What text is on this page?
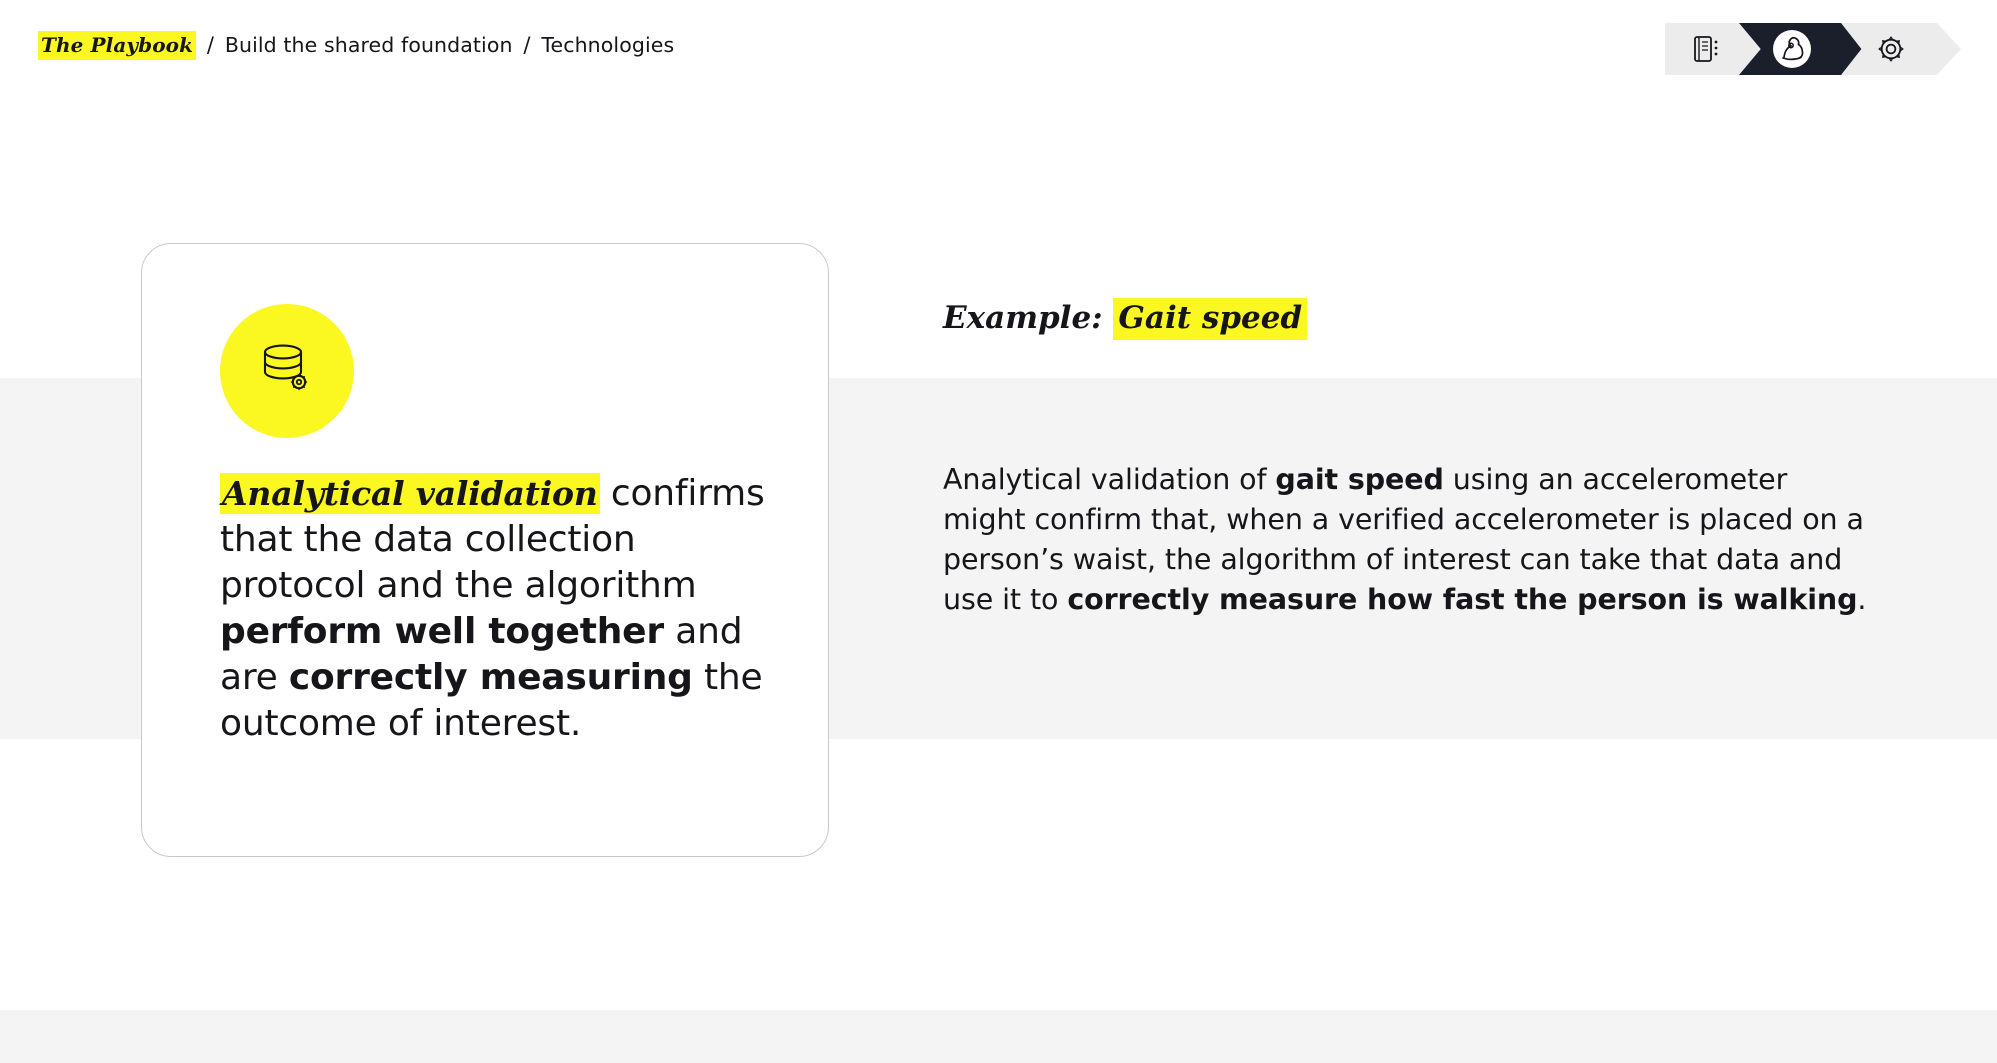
The Playbook / Build the shared foundation / Technologies
Analytical validation confirms that the data collection protocol and the algorithm perform well together and are correctly measuring the outcome of interest.
Example: Gait speed
Analytical validation of gait speed using an accelerometer might confirm that, when a verified accelerometer is placed on a person’s waist, the algorithm of interest can take that data and use it to correctly measure how fast the person is walking.
